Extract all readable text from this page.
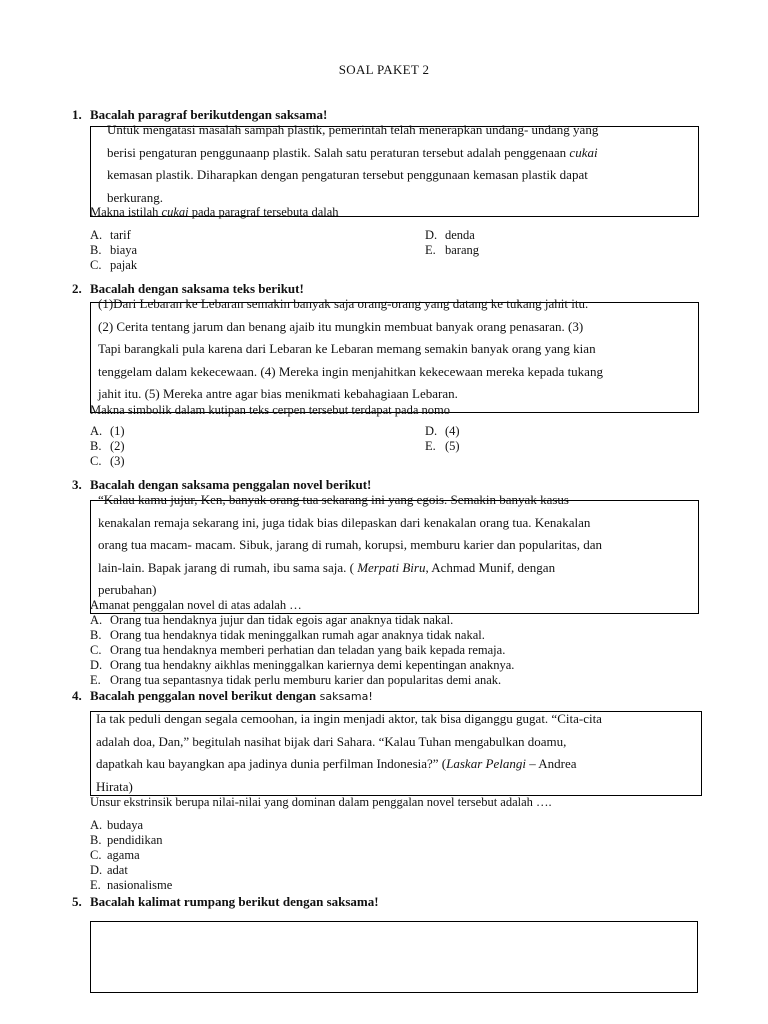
SOAL PAKET 2
1. Bacalah paragraf berikutdengan saksama!
Untuk mengatasi masalah sampah plastik, pemerintah telah menerapkan undang- undang yang
berisi pengaturan penggunaanp plastik. Salah satu peraturan tersebut adalah penggenaan cukai
kemasan plastik. Diharapkan dengan pengaturan tersebut penggunaan kemasan plastik dapat
berkurang.
Makna istilah cukai pada paragraf tersebuta dalah
A. tarif
B. biaya
C. pajak
D. denda
E. barang
2. Bacalah dengan saksama teks berikut!
(1)Dari Lebaran ke Lebaran semakin banyak saja orang-orang yang datang ke tukang jahit itu.
(2) Cerita tentang jarum dan benang ajaib itu mungkin membuat banyak orang penasaran. (3)
Tapi barangkali pula karena dari Lebaran ke Lebaran memang semakin banyak orang yang kian
tenggelam dalam kekecewaan. (4) Mereka ingin menjahitkan kekecewaan mereka kepada tukang
jahit itu. (5) Mereka antre agar bias menikmati kebahagiaan Lebaran.
Makna simbolik dalam kutipan teks cerpen tersebut terdapat pada nomo
A. (1)
B. (2)
C. (3)
D. (4)
E. (5)
3. Bacalah dengan saksama penggalan novel berikut!
“Kalau kamu jujur, Ken, banyak orang tua sekarang ini yang egois. Semakin banyak kasus
kenakalan remaja sekarang ini, juga tidak bias dilepaskan dari kenakalan orang tua. Kenakalan
orang tua macam- macam. Sibuk, jarang di rumah, korupsi, memburu karier dan popularitas, dan
lain-lain. Bapak jarang di rumah, ibu sama saja. ( Merpati Biru, Achmad Munif, dengan
perubahan)
Amanat penggalan novel di atas adalah …
A. Orang tua hendaknya jujur dan tidak egois agar anaknya tidak nakal.
B. Orang tua hendaknya tidak meninggalkan rumah agar anaknya tidak nakal.
C. Orang tua hendaknya memberi perhatian dan teladan yang baik kepada remaja.
D. Orang tua hendakny aikhlas meninggalkan kariernya demi kepentingan anaknya.
E. Orang tua sepantasnya tidak perlu memburu karier dan popularitas demi anak.
4. Bacalah penggalan novel berikut dengan saksama!
Ia tak peduli dengan segala cemoohan, ia ingin menjadi aktor, tak bisa diganggu gugat. “Cita-cita
adalah doa, Dan,” begitulah nasihat bijak dari Sahara. “Kalau Tuhan mengabulkan doamu,
dapatkah kau bayangkan apa jadinya dunia perfilman Indonesia?” (Laskar Pelangi – Andrea
Hirata)
Unsur ekstrinsik berupa nilai-nilai yang dominan dalam penggalan novel tersebut adalah ….
A. budaya
B. pendidikan
C. agama
D. adat
E. nasionalisme
5. Bacalah kalimat rumpang berikut dengan saksama!
